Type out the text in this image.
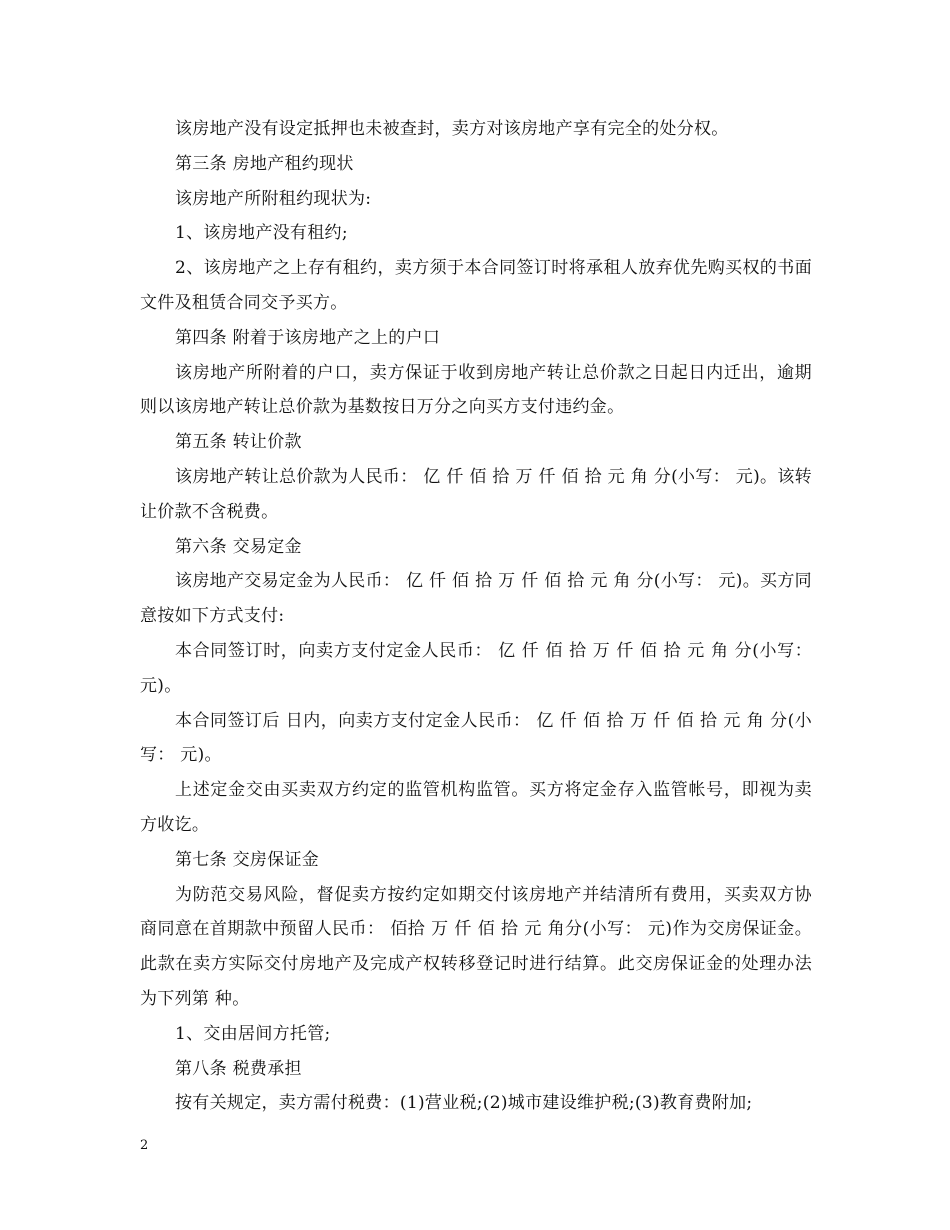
该房地产没有设定抵押也未被查封，卖方对该房地产享有完全的处分权。

第三条 房地产租约现状

该房地产所附租约现状为:

1、该房地产没有租约;

2、该房地产之上存有租约，卖方须于本合同签订时将承租人放弃优先购买权的书面文件及租赁合同交予买方。

第四条 附着于该房地产之上的户口

该房地产所附着的户口，卖方保证于收到房地产转让总价款之日起日内迁出，逾期则以该房地产转让总价款为基数按日万分之向买方支付违约金。

第五条 转让价款

该房地产转让总价款为人民币： 亿 仟 佰 拾 万 仟 佰 拾 元 角 分(小写： 元)。该转让价款不含税费。

第六条 交易定金

该房地产交易定金为人民币： 亿 仟 佰 拾 万 仟 佰 拾 元 角 分(小写： 元)。买方同意按如下方式支付:

本合同签订时，向卖方支付定金人民币： 亿 仟 佰 拾 万 仟 佰 拾 元 角 分(小写： 元)。

本合同签订后 日内，向卖方支付定金人民币： 亿 仟 佰 拾 万 仟 佰 拾 元 角 分(小写： 元)。

上述定金交由买卖双方约定的监管机构监管。买方将定金存入监管帐号，即视为卖方收讫。

第七条 交房保证金

为防范交易风险，督促卖方按约定如期交付该房地产并结清所有费用，买卖双方协商同意在首期款中预留人民币： 佰拾 万 仟 佰 拾 元 角分(小写： 元)作为交房保证金。此款在卖方实际交付房地产及完成产权转移登记时进行结算。此交房保证金的处理办法为下列第 种。

1、交由居间方托管;

第八条 税费承担

按有关规定，卖方需付税费：(1)营业税;(2)城市建设维护税;(3)教育费附加;

2
